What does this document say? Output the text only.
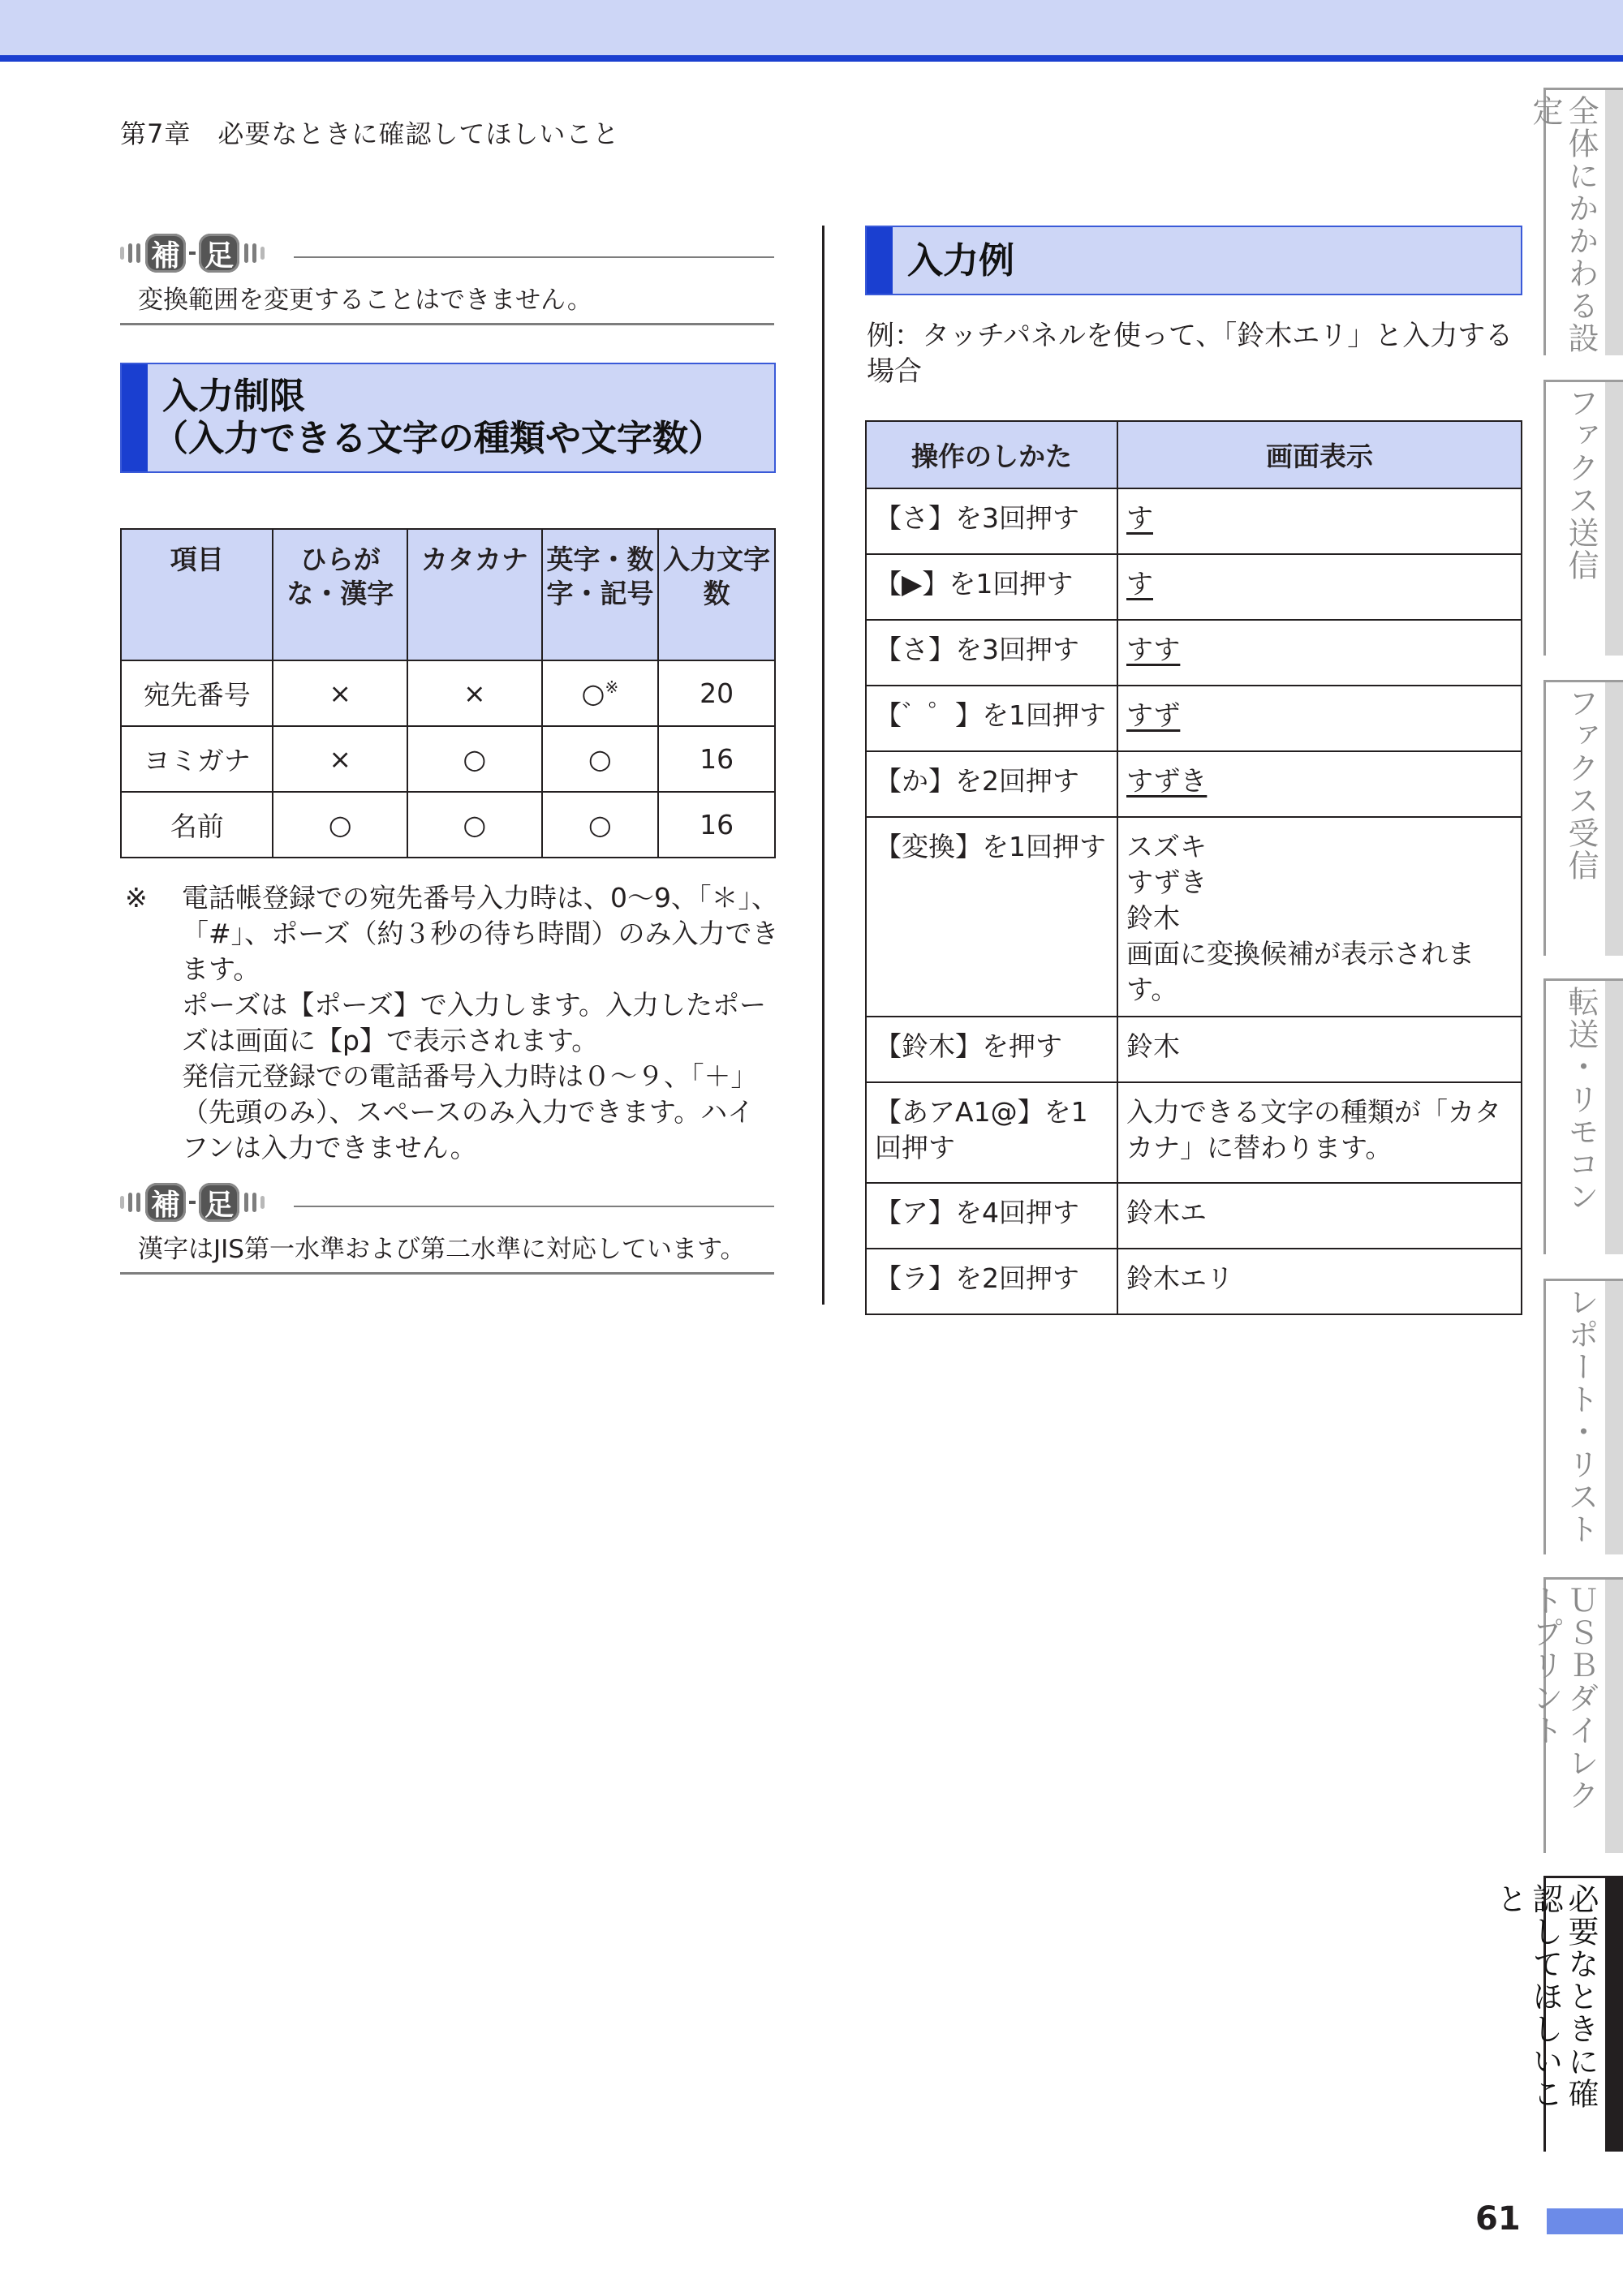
第7章　必要なときに確認してほしいこと
補 足
変換範囲を変更することはできません。
入力制限
（入力できる文字の種類や文字数）
項目	ひらがな・漢字	カタカナ	英字・数字・記号	入力文字数
宛先番号	×	×	○※	20
ヨミガナ	×	○	○	16
名前	○	○	○	16
※ 電話帳登録での宛先番号入力時は、0〜9、「＊」、「#」、ポーズ（約３秒の待ち時間）のみ入力できます。
ポーズは【ポーズ】で入力します。入力したポーズは画面に【p】で表示されます。
発信元登録での電話番号入力時は０〜９、「＋」（先頭のみ）、スペースのみ入力できます。ハイフンは入力できません。
補 足
漢字はJIS第一水準および第二水準に対応しています。
入力例
例：タッチパネルを使って、「鈴木エリ」と入力する場合
操作のしかた	画面表示
【さ】を3回押す	す
【▶】を1回押す	す
【さ】を3回押す	すす
【゛゜】を1回押す	すず
【か】を2回押す	すずき
【変換】を1回押す	スズキ
すずき
鈴木
画面に変換候補が表示されます。

【鈴木】を押す	鈴木
【あアA1@】を1回押す	入力できる文字の種類が「カタカナ」に替わります。
【ア】を4回押す	鈴木エ
【ラ】を2回押す	鈴木エリ
全体にかかわる設定
ファクス送信
ファクス受信
転送・リモコン
レポート・リスト
ＵＳＢダイレクトプリント
必要なときに確認してほしいこと
61
